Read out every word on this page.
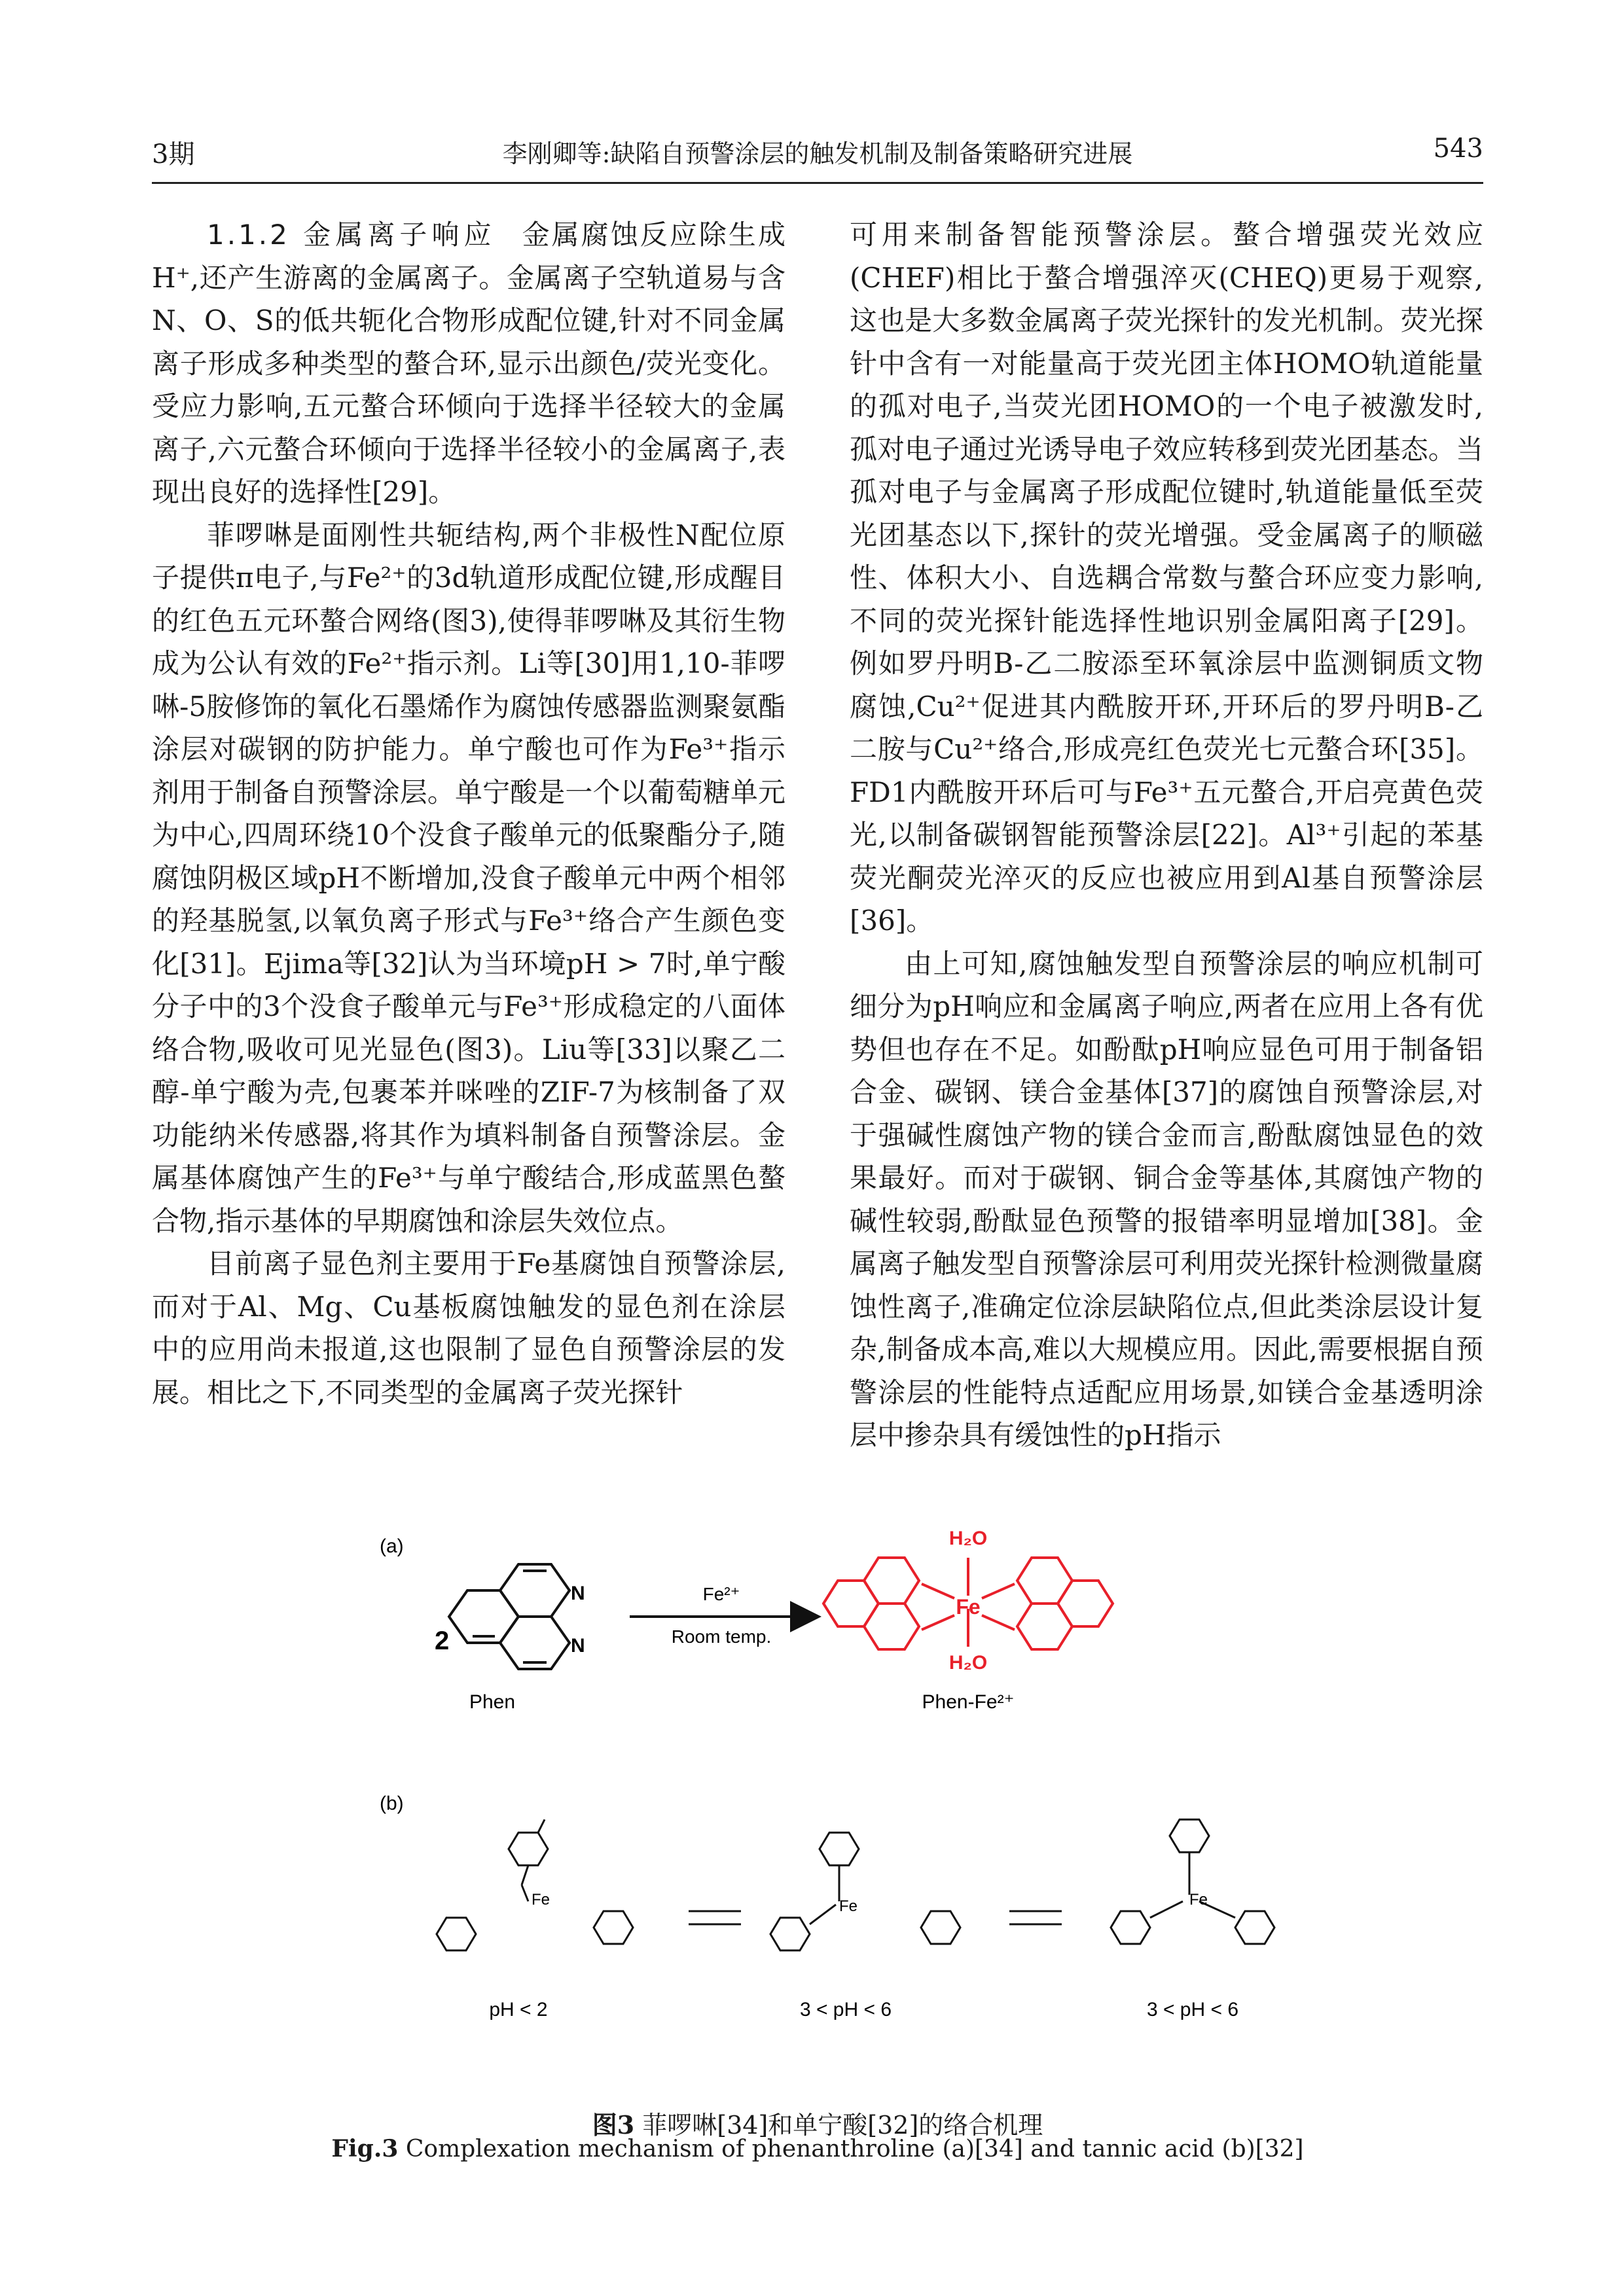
3期	李刚卿等:缺陷自预警涂层的触发机制及制备策略研究进展	543

1.1.2 金属离子响应 金属腐蚀反应除生成H⁺,还产生游离的金属离子。金属离子空轨道易与含N、O、S的低共轭化合物形成配位键,针对不同金属离子形成多种类型的螯合环,显示出颜色/荧光变化。受应力影响,五元螯合环倾向于选择半径较大的金属离子,六元螯合环倾向于选择半径较小的金属离子,表现出良好的选择性[29]。

菲啰啉是面刚性共轭结构,两个非极性N配位原子提供π电子,与Fe²⁺的3d轨道形成配位键,形成醒目的红色五元环螯合网络(图3),使得菲啰啉及其衍生物成为公认有效的Fe²⁺指示剂。Li等[30]用1,10-菲啰啉-5胺修饰的氧化石墨烯作为腐蚀传感器监测聚氨酯涂层对碳钢的防护能力。单宁酸也可作为Fe³⁺指示剂用于制备自预警涂层。单宁酸是一个以葡萄糖单元为中心,四周环绕10个没食子酸单元的低聚酯分子,随腐蚀阴极区域pH不断增加,没食子酸单元中两个相邻的羟基脱氢,以氧负离子形式与Fe³⁺络合产生颜色变化[31]。Ejima等[32]认为当环境pH > 7时,单宁酸分子中的3个没食子酸单元与Fe³⁺形成稳定的八面体络合物,吸收可见光显色(图3)。Liu等[33]以聚乙二醇-单宁酸为壳,包裹苯并咪唑的ZIF-7为核制备了双功能纳米传感器,将其作为填料制备自预警涂层。金属基体腐蚀产生的Fe³⁺与单宁酸结合,形成蓝黑色螯合物,指示基体的早期腐蚀和涂层失效位点。

目前离子显色剂主要用于Fe基腐蚀自预警涂层,而对于Al、Mg、Cu基板腐蚀触发的显色剂在涂层中的应用尚未报道,这也限制了显色自预警涂层的发展。相比之下,不同类型的金属离子荧光探针

可用来制备智能预警涂层。螯合增强荧光效应(CHEF)相比于螯合增强淬灭(CHEQ)更易于观察,这也是大多数金属离子荧光探针的发光机制。荧光探针中含有一对能量高于荧光团主体HOMO轨道能量的孤对电子,当荧光团HOMO的一个电子被激发时,孤对电子通过光诱导电子效应转移到荧光团基态。当孤对电子与金属离子形成配位键时,轨道能量低至荧光团基态以下,探针的荧光增强。受金属离子的顺磁性、体积大小、自选耦合常数与螯合环应变力影响,不同的荧光探针能选择性地识别金属阳离子[29]。例如罗丹明B-乙二胺添至环氧涂层中监测铜质文物腐蚀,Cu²⁺促进其内酰胺开环,开环后的罗丹明B-乙二胺与Cu²⁺络合,形成亮红色荧光七元螯合环[35]。FD1内酰胺开环后可与Fe³⁺五元螯合,开启亮黄色荧光,以制备碳钢智能预警涂层[22]。Al³⁺引起的苯基荧光酮荧光淬灭的反应也被应用到Al基自预警涂层[36]。

由上可知,腐蚀触发型自预警涂层的响应机制可细分为pH响应和金属离子响应,两者在应用上各有优势但也存在不足。如酚酞pH响应显色可用于制备铝合金、碳钢、镁合金基体[37]的腐蚀自预警涂层,对于强碱性腐蚀产物的镁合金而言,酚酞腐蚀显色的效果最好。而对于碳钢、铜合金等基体,其腐蚀产物的碱性较弱,酚酞显色预警的报错率明显增加[38]。金属离子触发型自预警涂层可利用荧光探针检测微量腐蚀性离子,准确定位涂层缺陷位点,但此类涂层设计复杂,制备成本高,难以大规模应用。因此,需要根据自预警涂层的性能特点适配应用场景,如镁合金基透明涂层中掺杂具有缓蚀性的pH指示

(a)
2
N
N
Phen
Fe²⁺
Room temp.
H₂O
Fe
H₂O
Phen-Fe²⁺
(b)
Fe	Fe	Fe
pH < 2	3 < pH < 6	3 < pH < 6
图3 菲啰啉[34]和单宁酸[32]的络合机理
Fig.3 Complexation mechanism of phenanthroline (a)[34] and tannic acid (b)[32]
